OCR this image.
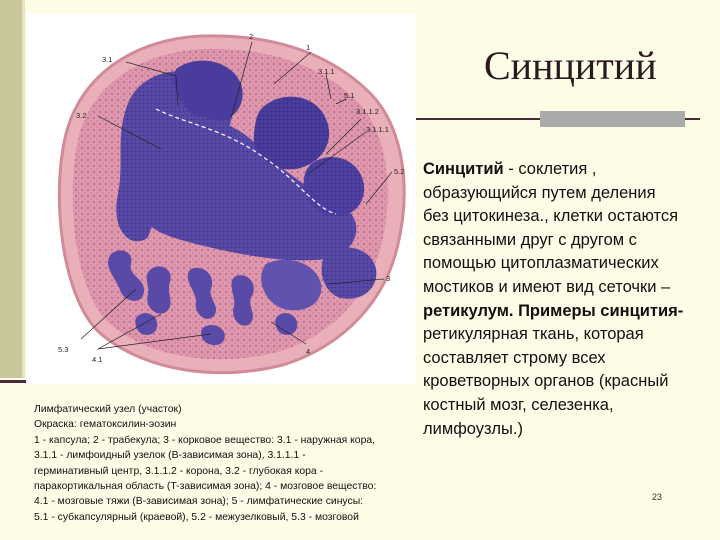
Синцитий
2
3.1
1
3.1.1
3.2
5.1
3.1.1.2
3.1.1.1
5.2
3
4
5.3
4.1
Синцитий - соклетия , образующийся путем деления без цитокинеза., клетки остаются связанными друг с другом с помощью цитоплазматических мостиков и имеют вид сеточки –
ретикулум. Примеры синцития- ретикулярная ткань, которая составляет строму всех кроветворных органов (красный костный мозг, селезенка, лимфоузлы.)
Лимфатический узел (участок)
Окраска: гематоксилин-эозин
1 - капсула; 2 - трабекула; 3 - корковое вещество: 3.1 - наружная кора,
3.1.1 - лимфоидный узелок (B-зависимая зона), 3.1.1.1 -
герминативный центр, 3.1.1.2 - корона, 3.2 - глубокая кора -
паракортикальная область (T-зависимая зона); 4 - мозговое вещество:
4.1 - мозговые тяжи (B-зависимая зона); 5 - лимфатические синусы:
5.1 - субкапсулярный (краевой), 5.2 - межузелковый, 5.3 - мозговой
23
